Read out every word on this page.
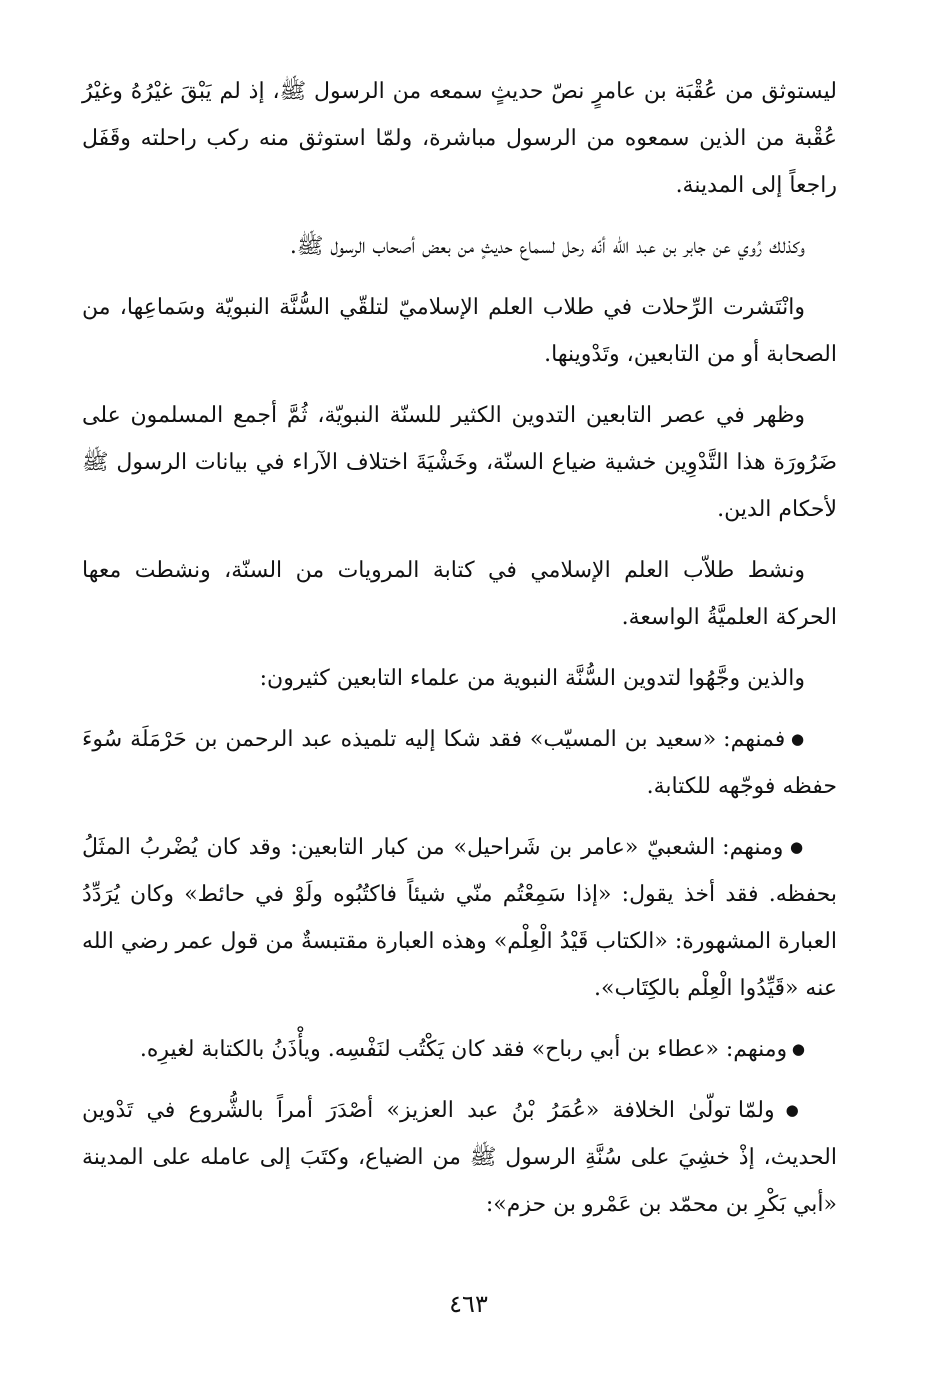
ليستوثق من عُقْبَة بن عامرٍ نصّ حديثٍ سمعه من الرسول ﷺ، إذ لم يَبْقَ غيْرُهُ وغيْرُ عُقْبة من الذين سمعوه من الرسول مباشرة، ولمّا استوثق منه ركب راحلته وقَفَل راجعاً إلى المدينة.

وكذلك رُوي عن جابر بن عبد الله أنّه رحل لسماع حديثٍ من بعض أصحاب الرسول ﷺ.

وانْتَشرت الرِّحلات في طلاب العلم الإسلاميّ لتلقّي السُّنَّة النبويّة وسَماعِها، من الصحابة أو من التابعين، وتَدْوينها.

وظهر في عصر التابعين التدوين الكثير للسنّة النبويّة، ثُمَّ أجمع المسلمون على ضَرُورَة هذا التَّدْوِين خشية ضياع السنّة، وخَشْيَةَ اختلاف الآراء في بيانات الرسول ﷺ لأحكام الدين.

ونشط طلاّب العلم الإسلامي في كتابة المرويات من السنّة، ونشطت معها الحركة العلميَّةُ الواسعة.

والذين وجَّهُوا لتدوين السُّنَّة النبوية من علماء التابعين كثيرون:

● فمنهم: «سعيد بن المسيّب» فقد شكا إليه تلميذه عبد الرحمن بن حَرْمَلَة سُوءَ حفظه فوجّهه للكتابة.

● ومنهم: الشعبيّ «عامر بن شَراحيل» من كبار التابعين: وقد كان يُضْربُ المثَلُ بحفظه. فقد أخذ يقول: «إذا سَمِعْتُم منّي شيئاً فاكتُبُوه ولَوْ في حائط» وكان يُرَدِّدُ العبارة المشهورة: «الكتاب قَيْدُ الْعِلْم» وهذه العبارة مقتبسةٌ من قول عمر رضي الله عنه «قَيِّدُوا الْعِلْم بالكِتَاب».

● ومنهم: «عطاء بن أبي رباح» فقد كان يَكْتُب لنَفْسِه. ويأْذَنُ بالكتابة لغيرِه.

● ولمّا تولّىٰ الخلافة «عُمَرُ بْنُ عبد العزيز» أصْدَرَ أمراً بالشُّروع في تَدْوين الحديث، إذْ خشِيَ على سُنَّةِ الرسول ﷺ من الضياع، وكتَبَ إلى عامله على المدينة «أبي بَكْرِ بن محمّد بن عَمْرو بن حزم»:

٤٦٣
